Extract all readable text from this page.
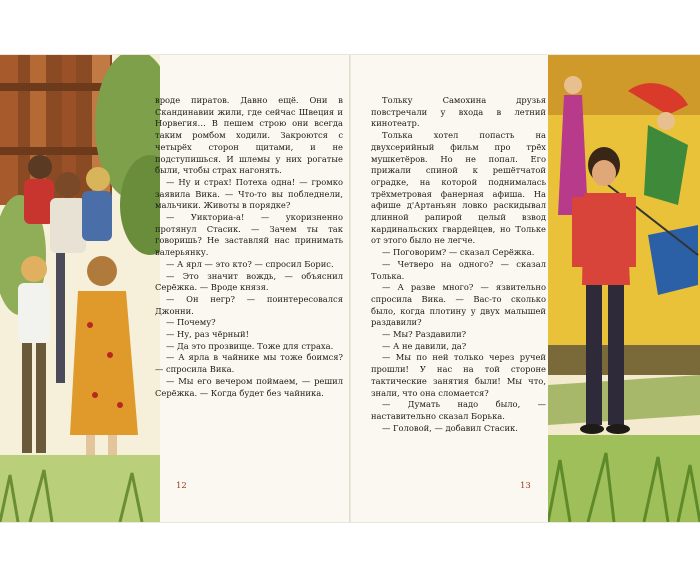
вроде пиратов. Давно ещё. Они в Скандинавии жили, где сейчас Швеция и Норвегия… В пешем строю они всегда таким ромбом ходили. Закроются с четырёх сторон щитами, и не подступишься. И шлемы у них рогатые были, чтобы страх нагонять.

— Ну и страх! Потеха одна! — громко заявила Вика. — Что-то вы побледнели, мальчики. Животы в порядке?

— Уикториа-а! — укоризненно протянул Стасик. — Зачем ты так говоришь? Не заставляй нас принимать валерьянку.

— А ярл — это кто? — спросил Борис.

— Это значит вождь, — объяснил Серёжка. — Вроде князя.

— Он негр? — поинтересовался Джонни.

— Почему?

— Ну, раз чёрный!

— Да это прозвище. Тоже для страха.

— А ярла в чайнике мы тоже боимся? — спросила Вика.

— Мы его вечером поймаем, — решил Серёжка. — Когда будет без чайника.

12

Тольку Самохина друзья повстречали у входа в летний кинотеатр.

Толька хотел попасть на двухсерийный фильм про трёх мушкетёров. Но не попал. Его прижали спиной к решётчатой оградке, на которой поднималась трёхметровая фанерная афиша. На афише д'Артаньян ловко раскидывал длинной рапирой целый взвод кардинальских гвардейцев, но Тольке от этого было не легче.

— Поговорим? — сказал Серёжка.

— Четверо на одного? — сказал Толька.

— А разве много? — язвительно спросила Вика. — Вас-то сколько было, когда плотину у двух малышей раздавили?

— Мы? Раздавили?

— А не давили, да?

— Мы по ней только через ручей прошли! У нас на той стороне тактические занятия были! Мы что, знали, что она сломается?

— Думать надо было, — наставительно сказал Борька.

— Головой, — добавил Стасик.

13
